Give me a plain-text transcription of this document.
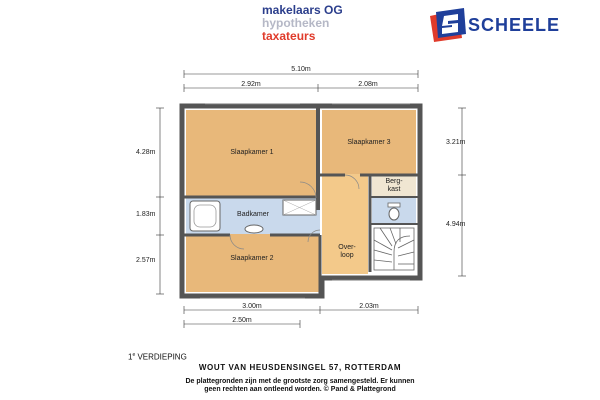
makelaars OG
hypotheken
taxateurs
SCHEELE
Slaapkamer 1
Slaapkamer 3
Badkamer
Slaapkamer 2
Berg-
kast
Over-
loop
5.10m
2.92m	2.08m
4.28m
1.83m
2.57m
3.21m
4.94m
3.00m	2.03m
2.50m
1e VERDIEPING
WOUT VAN HEUSDENSINGEL 57, ROTTERDAM
De plattegronden zijn met de grootste zorg samengesteld. Er kunnen
geen rechten aan ontleend worden. © Pand & Plattegrond
